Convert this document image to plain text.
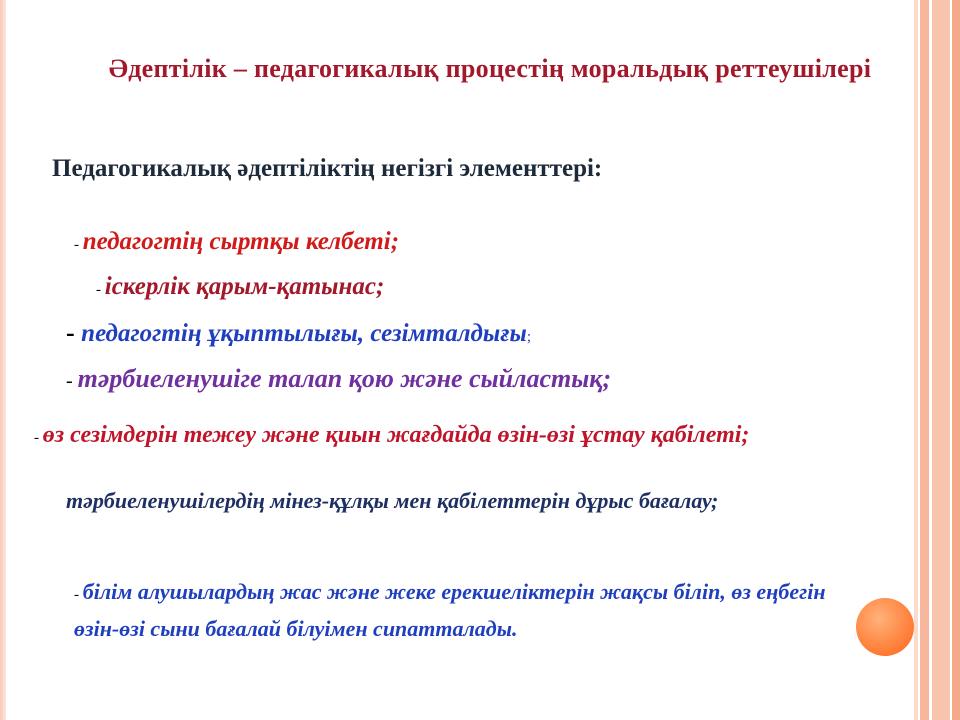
Әдептілік – педагогикалық процестің моральдық реттеушілері
Педагогикалық әдептіліктің негізгі элементтері:
- педагогтің сыртқы келбеті;
- іскерлік қарым-қатынас;
- педагогтің ұқыптылығы, сезімталдығы;
- тәрбиеленушіге талап қою және сыйластық;
- өз сезімдерін тежеу және қиын жағдайда өзін-өзі ұстау қабілеті;
тәрбиеленушілердің мінез-құлқы мен қабілеттерін дұрыс бағалау;
- білім алушылардың жас және жеке ерекшеліктерін жақсы біліп, өз еңбегін өзін-өзі сыни бағалай білуімен сипатталады.
